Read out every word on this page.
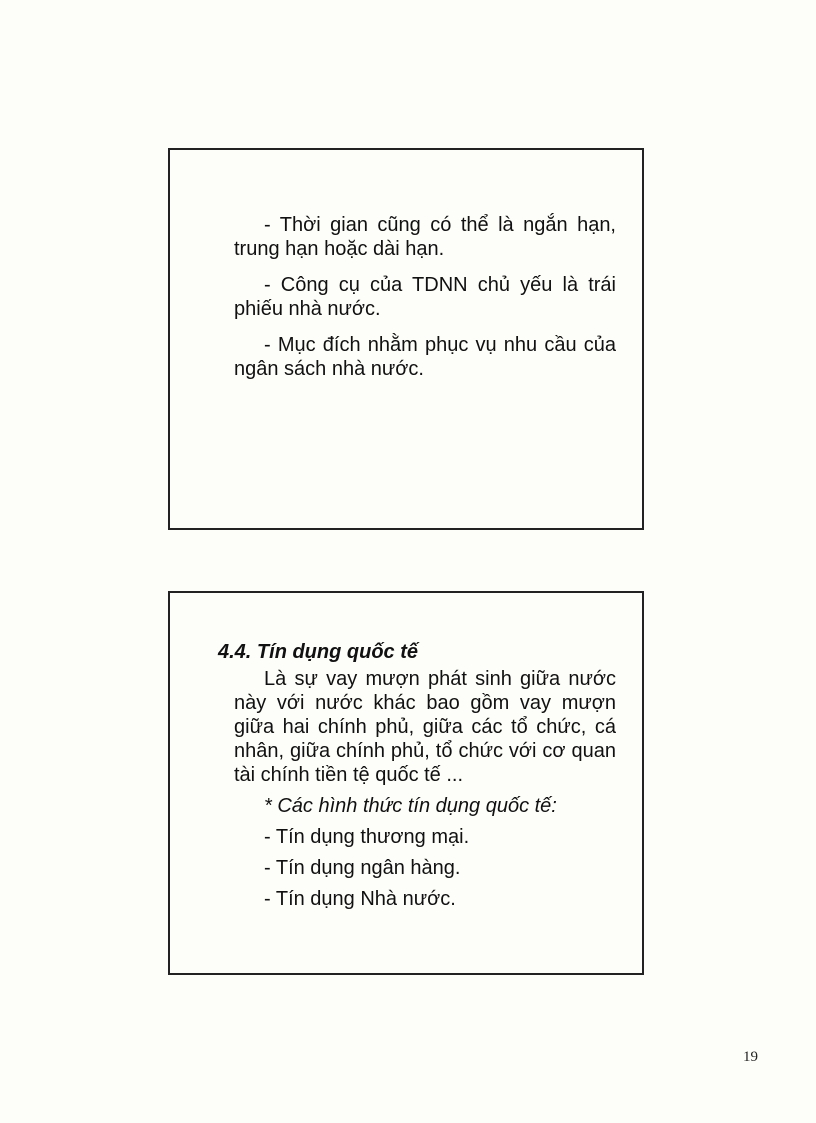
- Thời gian cũng có thể là ngắn hạn, trung hạn hoặc dài hạn.

- Công cụ của TDNN chủ yếu là trái phiếu nhà nước.

- Mục đích nhằm phục vụ nhu cầu của ngân sách nhà nước.

4.4. Tín dụng quốc tế

Là sự vay mượn phát sinh giữa nước này với nước khác bao gồm vay mượn giữa hai chính phủ, giữa các tổ chức, cá nhân, giữa chính phủ, tổ chức với cơ quan tài chính tiền tệ quốc tế ...

* Các hình thức tín dụng quốc tế:

- Tín dụng thương mại.

- Tín dụng ngân hàng.

- Tín dụng Nhà nước.

19
